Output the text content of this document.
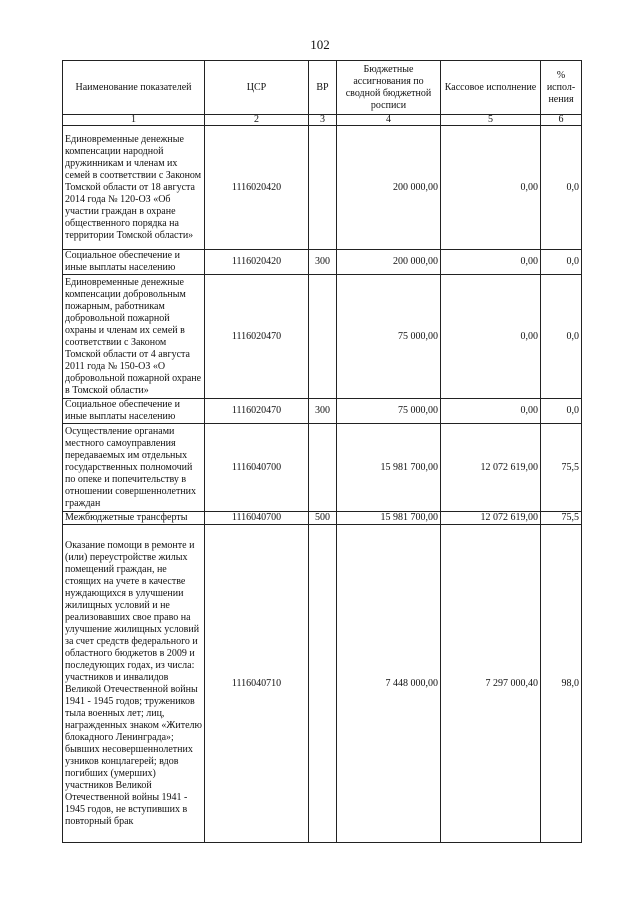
102
Наименование показателей	ЦСР	ВР	Бюджетные ассигнования по сводной бюджетной росписи	Кассовое исполнение	% испол-нения
1	2	3	4	5	6
Единовременные денежные компенсации народной дружинникам и членам их семей в соответствии с Законом Томской области от 18 августа 2014 года № 120-ОЗ «Об участии граждан в охране общественного порядка на территории Томской области»	1116020420		200 000,00	0,00	0,0
Социальное обеспечение и иные выплаты населению	1116020420	300	200 000,00	0,00	0,0
Единовременные денежные компенсации добровольным пожарным, работникам добровольной пожарной охраны и членам их семей в соответствии с Законом Томской области от 4 августа 2011 года № 150-ОЗ «О добровольной пожарной охране в Томской области»	1116020470		75 000,00	0,00	0,0
Социальное обеспечение и иные выплаты населению	1116020470	300	75 000,00	0,00	0,0
Осуществление органами местного самоуправления передаваемых им отдельных государственных полномочий по опеке и попечительству в отношении совершеннолетних граждан	1116040700		15 981 700,00	12 072 619,00	75,5
Межбюджетные трансферты	1116040700	500	15 981 700,00	12 072 619,00	75,5
Оказание помощи в ремонте и (или) переустройстве жилых помещений граждан, не стоящих на учете в качестве нуждающихся в улучшении жилищных условий и не реализовавших свое право на улучшение жилищных условий за счет средств федерального и областного бюджетов в 2009 и последующих годах, из числа: участников и инвалидов Великой Отечественной войны 1941 - 1945 годов; тружеников тыла военных лет; лиц, награжденных знаком «Жителю блокадного Ленинграда»; бывших несовершеннолетних узников концлагерей; вдов погибших (умерших) участников Великой Отечественной войны 1941 - 1945 годов, не вступивших в повторный брак	1116040710		7 448 000,00	7 297 000,40	98,0
